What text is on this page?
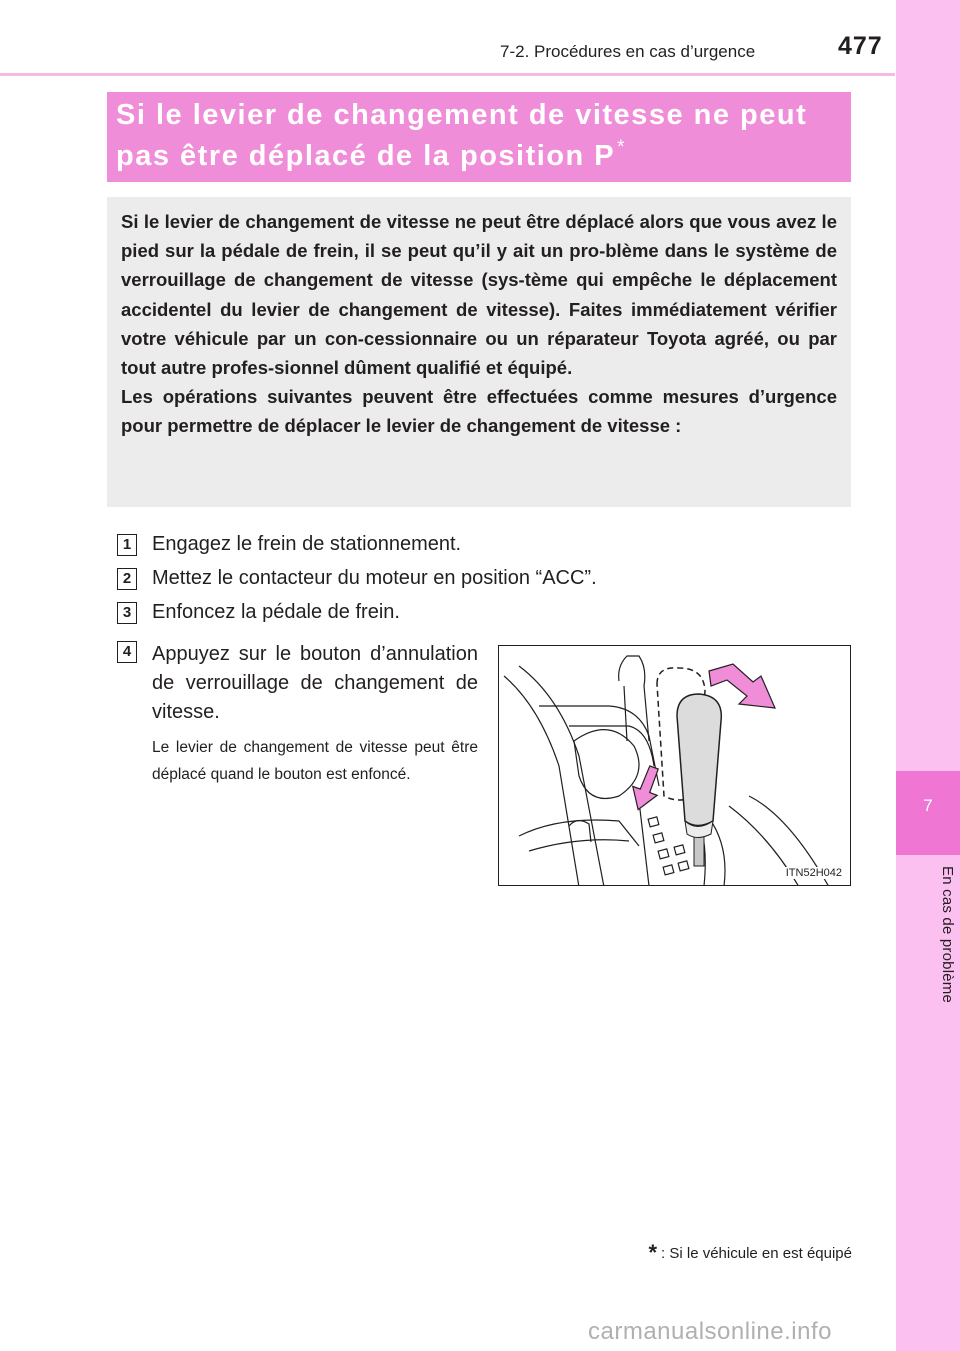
7-2. Procédures en cas d’urgence	477
7
En cas de problème
Si le levier de changement de vitesse ne peut
pas être déplacé de la position P *

Si le levier de changement de vitesse ne peut être déplacé alors que vous avez le pied sur la pédale de frein, il se peut qu’il y ait un pro-blème dans le système de verrouillage de changement de vitesse (sys-tème qui empêche le déplacement accidentel du levier de changement de vitesse). Faites immédiatement vérifier votre véhicule par un con-cessionnaire ou un réparateur Toyota agréé, ou par tout autre profes-sionnel dûment qualifié et équipé.

Les opérations suivantes peuvent être effectuées comme mesures d’urgence pour permettre de déplacer le levier de changement de vitesse :

1 Engagez le frein de stationnement.
2 Mettez le contacteur du moteur en position “ACC”.
3 Enfoncez la pédale de frein.
4 Appuyez sur le bouton d’annulation de verrouillage de changement de vitesse.
Le levier de changement de vitesse peut être déplacé quand le bouton est enfoncé.
ITN52H042
* : Si le véhicule en est équipé
carmanualsonline.info
